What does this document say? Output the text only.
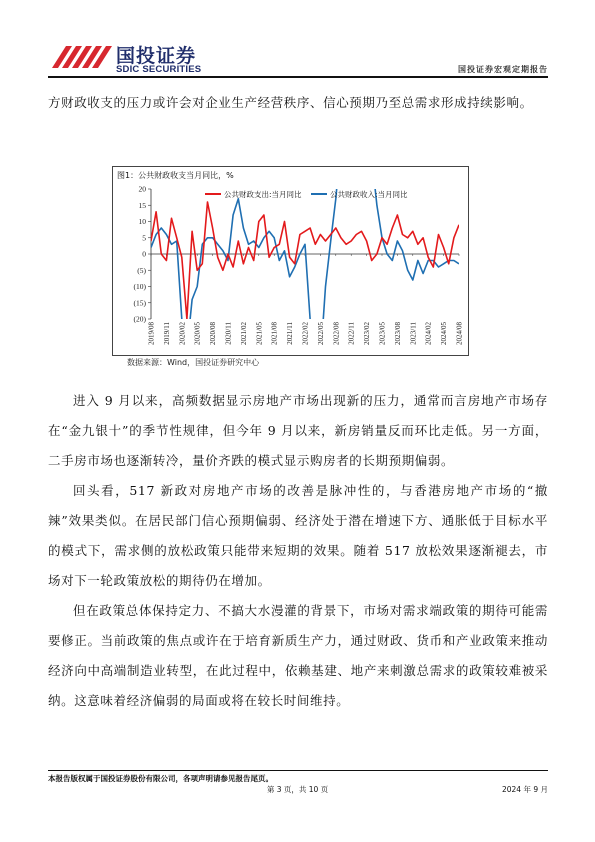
国投证券
SDIC SECURITIES	国投证券宏观定期报告

方财政收支的压力或许会对企业生产经营秩序、信心预期乃至总需求形成持续影响。

图1：公共财政收支当月同比，%
20
15
10
5
0
(5)
(10)
(15)
(20)
2019/08 2019/11 2020/02 2020/05 2020/08 2020/11 2021/02 2021/05 2021/08 2021/11 2022/02 2022/05 2022/08 2022/11 2023/02 2023/05 2023/08 2023/11 2024/02 2024/05 2024/08
公共财政支出:当月同比	公共财政收入:当月同比
数据来源：Wind，国投证券研究中心

进入 9 月以来，高频数据显示房地产市场出现新的压力，通常而言房地产市场存在“金九银十”的季节性规律，但今年 9 月以来，新房销量反而环比走低。另一方面，二手房市场也逐渐转冷，量价齐跌的模式显示购房者的长期预期偏弱。

回头看，517 新政对房地产市场的改善是脉冲性的，与香港房地产市场的“撤辣”效果类似。在居民部门信心预期偏弱、经济处于潜在增速下方、通胀低于目标水平的模式下，需求侧的放松政策只能带来短期的效果。随着 517 放松效果逐渐褪去，市场对下一轮政策放松的期待仍在增加。

但在政策总体保持定力、不搞大水漫灌的背景下，市场对需求端政策的期待可能需要修正。当前政策的焦点或许在于培育新质生产力，通过财政、货币和产业政策来推动经济向中高端制造业转型，在此过程中，依赖基建、地产来刺激总需求的政策较难被采纳。这意味着经济偏弱的局面或将在较长时间维持。

本报告版权属于国投证券股份有限公司，各项声明请参见报告尾页。
第 3 页，共 10 页	2024 年 9 月
